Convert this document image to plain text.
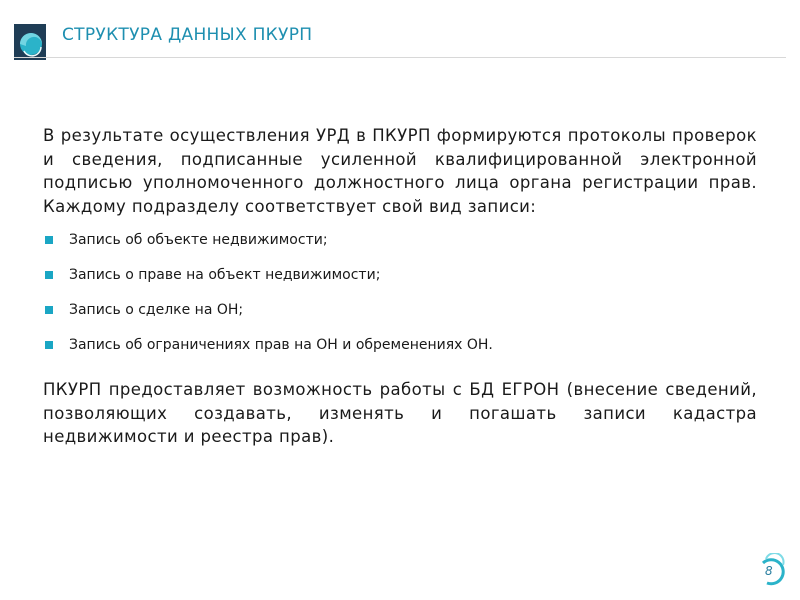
СТРУКТУРА ДАННЫХ ПКУРП

В результате осуществления УРД в ПКУРП формируются протоколы проверок и сведения, подписанные усиленной квалифицированной электронной подписью уполномоченного должностного лица органа регистрации прав. Каждому подразделу соответствует свой вид записи:

Запись об объекте недвижимости;
Запись о праве на объект недвижимости;
Запись о сделке на ОН;
Запись об ограничениях прав на ОН и обременениях ОН.

ПКУРП предоставляет возможность работы с БД ЕГРОН (внесение сведений, позволяющих создавать, изменять и погашать записи кадастра недвижимости и реестра прав).

8
